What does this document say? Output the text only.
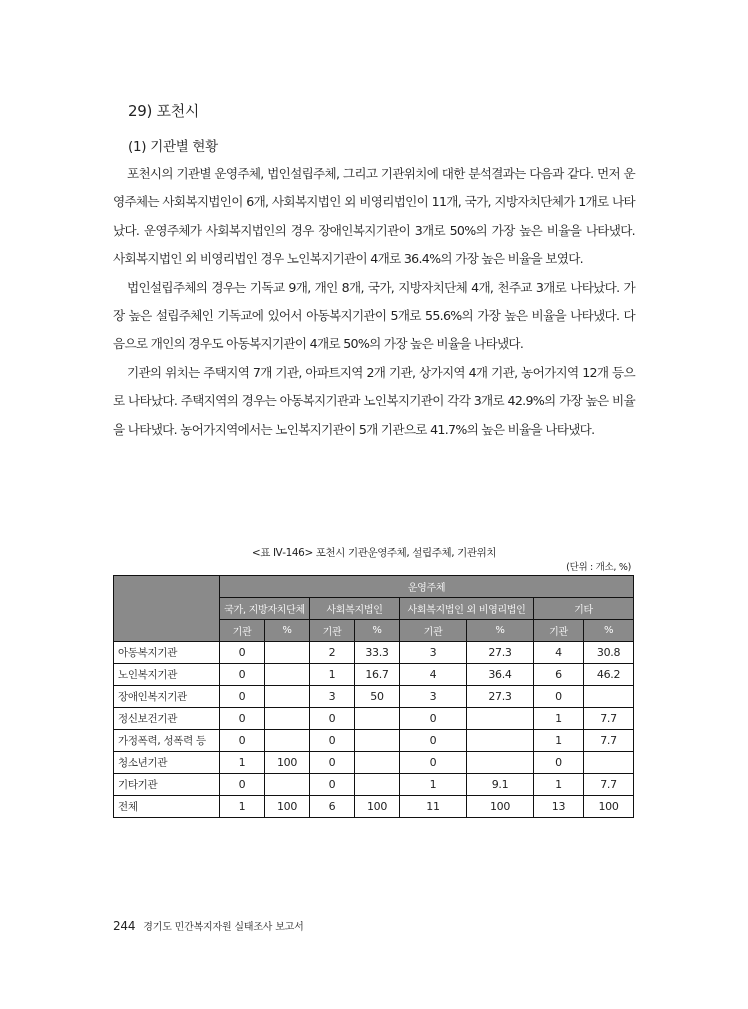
29) 포천시
(1) 기관별 현황

포천시의 기관별 운영주체, 법인설립주체, 그리고 기관위치에 대한 분석결과는 다음과 같다. 먼저 운영주체는 사회복지법인이 6개, 사회복지법인 외 비영리법인이 11개, 국가, 지방자치단체가 1개로 나타났다. 운영주체가 사회복지법인의 경우 장애인복지기관이 3개로 50%의 가장 높은 비율을 나타냈다. 사회복지법인 외 비영리법인 경우 노인복지기관이 4개로 36.4%의 가장 높은 비율을 보였다.

법인설립주체의 경우는 기독교 9개, 개인 8개, 국가, 지방자치단체 4개, 천주교 3개로 나타났다. 가장 높은 설립주체인 기독교에 있어서 아동복지기관이 5개로 55.6%의 가장 높은 비율을 나타냈다. 다음으로 개인의 경우도 아동복지기관이 4개로 50%의 가장 높은 비율을 나타냈다.

기관의 위치는 주택지역 7개 기관, 아파트지역 2개 기관, 상가지역 4개 기관, 농어가지역 12개 등으로 나타났다. 주택지역의 경우는 아동복지기관과 노인복지기관이 각각 3개로 42.9%의 가장 높은 비율을 나타냈다. 농어가지역에서는 노인복지기관이 5개 기관으로 41.7%의 높은 비율을 나타냈다.

<표 Ⅳ-146> 포천시 기관운영주체, 설립주체, 기관위치
(단위 : 개소, %)
	운영주체							
	국가, 지방자치단체		사회복지법인		사회복지법인 외 비영리법인		기타	
	기관	%	기관	%	기관	%	기관	%
아동복지기관	0		2	33.3	3	27.3	4	30.8
노인복지기관	0		1	16.7	4	36.4	6	46.2
장애인복지기관	0		3	50	3	27.3	0	
정신보건기관	0		0		0		1	7.7
가정폭력, 성폭력 등	0		0		0		1	7.7
청소년기관	1	100	0		0		0	
기타기관	0		0		1	9.1	1	7.7
전체	1	100	6	100	11	100	13	100
244 경기도 민간복지자원 실태조사 보고서
